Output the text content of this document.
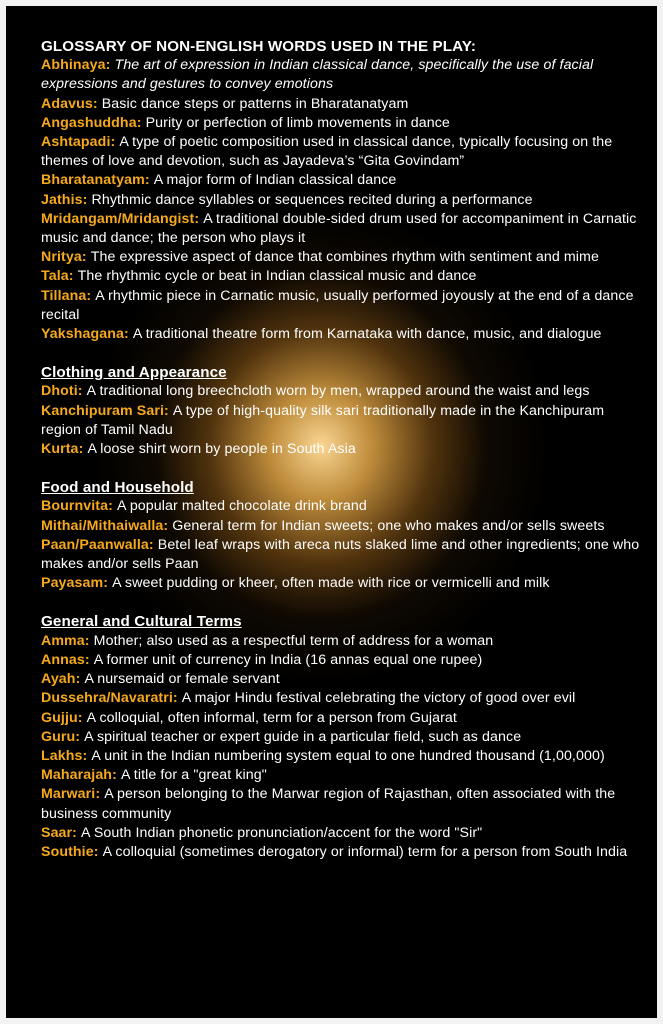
GLOSSARY OF NON-ENGLISH WORDS USED IN THE PLAY:
Abhinaya: The art of expression in Indian classical dance, specifically the use of facial expressions and gestures to convey emotions
Adavus: Basic dance steps or patterns in Bharatanatyam
Angashuddha: Purity or perfection of limb movements in dance
Ashtapadi: A type of poetic composition used in classical dance, typically focusing on the themes of love and devotion, such as Jayadeva’s “Gita Govindam”
Bharatanatyam: A major form of Indian classical dance
Jathis: Rhythmic dance syllables or sequences recited during a performance
Mridangam/Mridangist: A traditional double-sided drum used for accompaniment in Carnatic music and dance; the person who plays it
Nritya: The expressive aspect of dance that combines rhythm with sentiment and mime
Tala: The rhythmic cycle or beat in Indian classical music and dance
Tillana: A rhythmic piece in Carnatic music, usually performed joyously at the end of a dance recital
Yakshagana: A traditional theatre form from Karnataka with dance, music, and dialogue
Clothing and Appearance
Dhoti: A traditional long breechcloth worn by men, wrapped around the waist and legs
Kanchipuram Sari: A type of high-quality silk sari traditionally made in the Kanchipuram region of Tamil Nadu
Kurta: A loose shirt worn by people in South Asia
Food and Household
Bournvita: A popular malted chocolate drink brand
Mithai/Mithaiwalla: General term for Indian sweets; one who makes and/or sells sweets
Paan/Paanwalla: Betel leaf wraps with areca nuts slaked lime and other ingredients; one who makes and/or sells Paan
Payasam: A sweet pudding or kheer, often made with rice or vermicelli and milk
General and Cultural Terms
Amma: Mother; also used as a respectful term of address for a woman
Annas: A former unit of currency in India (16 annas equal one rupee)
Ayah: A nursemaid or female servant
Dussehra/Navaratri: A major Hindu festival celebrating the victory of good over evil
Gujju: A colloquial, often informal, term for a person from Gujarat
Guru: A spiritual teacher or expert guide in a particular field, such as dance
Lakhs: A unit in the Indian numbering system equal to one hundred thousand (1,00,000)
Maharajah: A title for a "great king"
Marwari: A person belonging to the Marwar region of Rajasthan, often associated with the business community
Saar: A South Indian phonetic pronunciation/accent for the word "Sir"
Southie: A colloquial (sometimes derogatory or informal) term for a person from South India
